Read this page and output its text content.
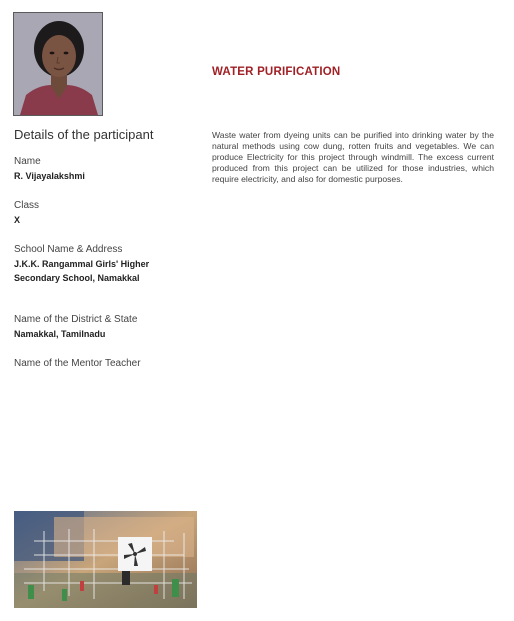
Details of the participant
Name
R. Vijayalakshmi
Class
X
School Name & Address
J.K.K. Rangammal Girls' Higher
Secondary School, Namakkal
Name of the District & State
Namakkal, Tamilnadu
Name of the Mentor Teacher
WATER PURIFICATION

Waste water from dyeing units can be purified into drinking water by the natural methods using cow dung, rotten fruits and vegetables. We can produce Electricity for this project through windmill. The excess current produced from this project can be utilized for those industries, which require electricity, and also for domestic purposes.
